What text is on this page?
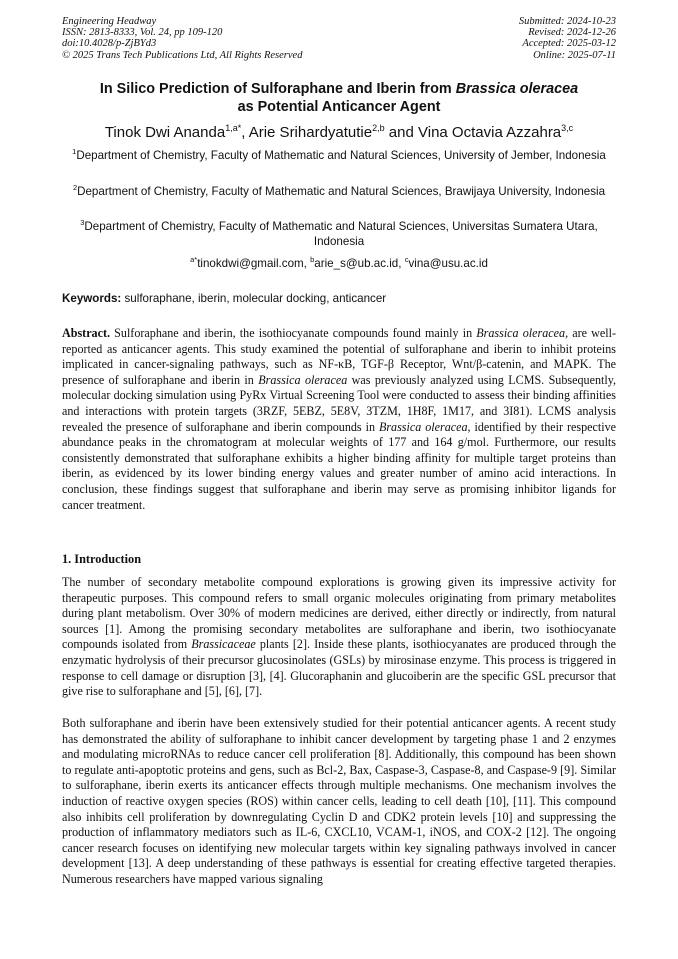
Engineering Headway
ISSN: 2813-8333, Vol. 24, pp 109-120
doi:10.4028/p-ZjBYd3
© 2025 Trans Tech Publications Ltd, All Rights Reserved
Submitted: 2024-10-23
Revised: 2024-12-26
Accepted: 2025-03-12
Online: 2025-07-11
In Silico Prediction of Sulforaphane and Iberin from Brassica oleracea
as Potential Anticancer Agent
Tinok Dwi Ananda$^{1,a*}$, Arie Srihardyatutie$^{2,b}$ and Vina Octavia Azzahra$^{3,c}$
$^1$Department of Chemistry, Faculty of Mathematic and Natural Sciences, University of Jember, Indonesia
$^2$Department of Chemistry, Faculty of Mathematic and Natural Sciences, Brawijaya University, Indonesia
$^3$Department of Chemistry, Faculty of Mathematic and Natural Sciences, Universitas Sumatera Utara, Indonesia
$^{a*}$tinokdwi@gmail.com, $^b$arie_s@ub.ac.id, $^c$vina@usu.ac.id
Keywords: sulforaphane, iberin, molecular docking, anticancer
Abstract. Sulforaphane and iberin, the isothiocyanate compounds found mainly in Brassica oleracea, are well-reported as anticancer agents. This study examined the potential of sulforaphane and iberin to inhibit proteins implicated in cancer-signaling pathways, such as NF-κB, TGF-β Receptor, Wnt/β-catenin, and MAPK. The presence of sulforaphane and iberin in Brassica oleracea was previously analyzed using LCMS. Subsequently, molecular docking simulation using PyRx Virtual Screening Tool were conducted to assess their binding affinities and interactions with protein targets (3RZF, 5EBZ, 5E8V, 3TZM, 1H8F, 1M17, and 3I81). LCMS analysis revealed the presence of sulforaphane and iberin compounds in Brassica oleracea, identified by their respective abundance peaks in the chromatogram at molecular weights of 177 and 164 g/mol. Furthermore, our results consistently demonstrated that sulforaphane exhibits a higher binding affinity for multiple target proteins than iberin, as evidenced by its lower binding energy values and greater number of amino acid interactions. In conclusion, these findings suggest that sulforaphane and iberin may serve as promising inhibitor ligands for cancer treatment.
1. Introduction
The number of secondary metabolite compound explorations is growing given its impressive activity for therapeutic purposes. This compound refers to small organic molecules originating from primary metabolites during plant metabolism. Over 30% of modern medicines are derived, either directly or indirectly, from natural sources [1]. Among the promising secondary metabolites are sulforaphane and iberin, two isothiocyanate compounds isolated from Brassicaceae plants [2]. Inside these plants, isothiocyanates are produced through the enzymatic hydrolysis of their precursor glucosinolates (GSLs) by mirosinase enzyme. This process is triggered in response to cell damage or disruption [3], [4]. Glucoraphanin and glucoiberin are the specific GSL precursor that give rise to sulforaphane and [5], [6], [7].
Both sulforaphane and iberin have been extensively studied for their potential anticancer agents. A recent study has demonstrated the ability of sulforaphane to inhibit cancer development by targeting phase 1 and 2 enzymes and modulating microRNAs to reduce cancer cell proliferation [8]. Additionally, this compound has been shown to regulate anti-apoptotic proteins and gens, such as Bcl-2, Bax, Caspase-3, Caspase-8, and Caspase-9 [9]. Similar to sulforaphane, iberin exerts its anticancer effects through multiple mechanisms. One mechanism involves the induction of reactive oxygen species (ROS) within cancer cells, leading to cell death [10], [11]. This compound also inhibits cell proliferation by downregulating Cyclin D and CDK2 protein levels [10] and suppressing the production of inflammatory mediators such as IL-6, CXCL10, VCAM-1, iNOS, and COX-2 [12]. The ongoing cancer research focuses on identifying new molecular targets within key signaling pathways involved in cancer development [13]. A deep understanding of these pathways is essential for creating effective targeted therapies. Numerous researchers have mapped various signaling
